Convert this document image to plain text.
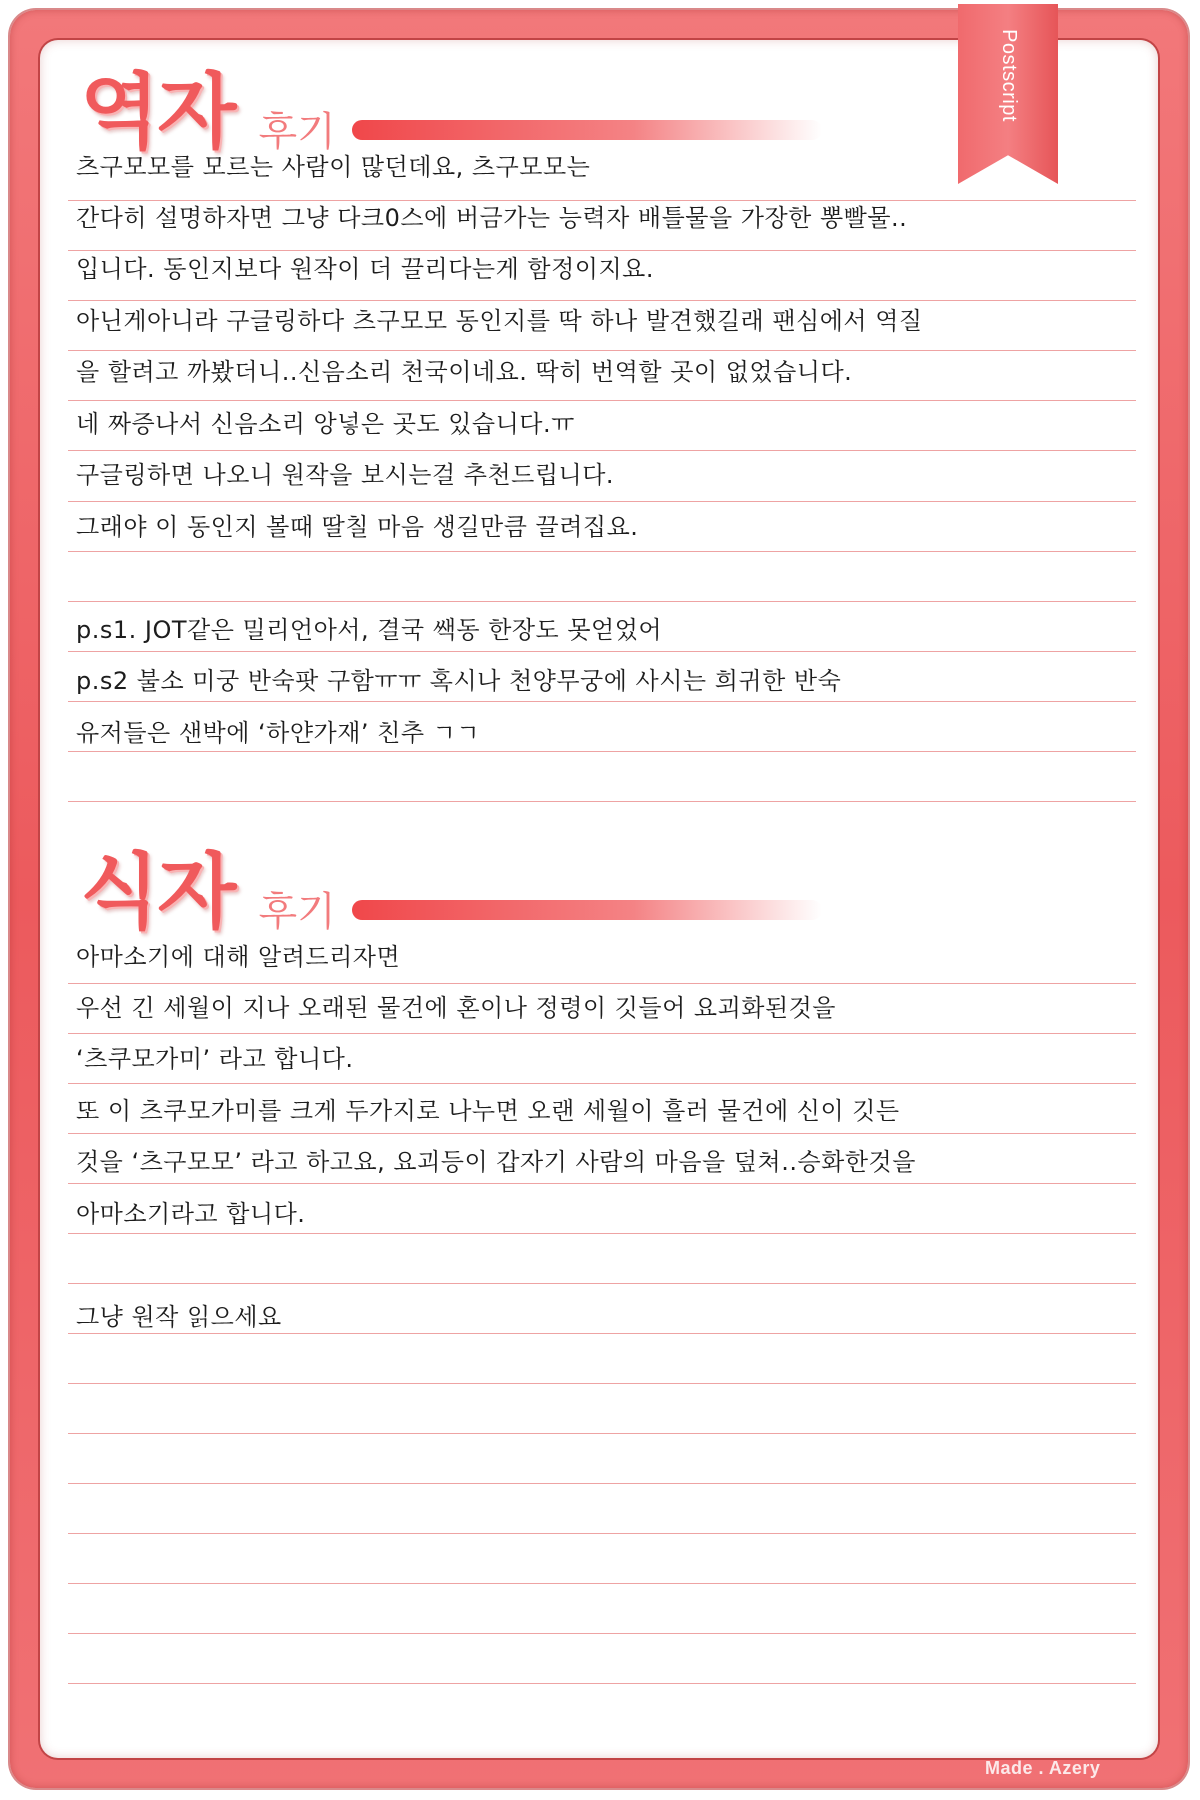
Postscript
역자 후기
식자 후기
츠구모모를 모르는 사람이 많던데요, 츠구모모는
간다히 설명하자면 그냥 다크0스에 버금가는 능력자 배틀물을 가장한 뽕빨물..
입니다. 동인지보다 원작이 더 끌리다는게 함정이지요.
아닌게아니라 구글링하다 츠구모모 동인지를 딱 하나 발견했길래 팬심에서 역질
을 할려고 까봤더니..신음소리 천국이네요. 딱히 번역할 곳이 없었습니다.
네 짜증나서 신음소리 앙넣은 곳도 있습니다.ㅠ
구글링하면 나오니 원작을 보시는걸 추천드립니다.
그래야 이 동인지 볼때 딸칠 마음 생길만큼 끌려집요.
p.s1. JOT같은 밀리언아서, 결국 쌕동 한장도 못얻었어
p.s2 불소 미궁 반숙팟 구함ㅠㅠ 혹시나 천양무궁에 사시는 희귀한 반숙
유저들은 샌박에 ‘하얀가재’ 친추 ㄱㄱ
아마소기에 대해 알려드리자면
우선 긴 세월이 지나 오래된 물건에 혼이나 정령이 깃들어 요괴화된것을
‘츠쿠모가미’ 라고 합니다.
또 이 츠쿠모가미를 크게 두가지로 나누면 오랜 세월이 흘러 물건에 신이 깃든
것을 ‘츠구모모’ 라고 하고요, 요괴등이 갑자기 사람의 마음을 덮쳐..승화한것을
아마소기라고 합니다.
그냥 원작 읽으세요
Made . Azery
